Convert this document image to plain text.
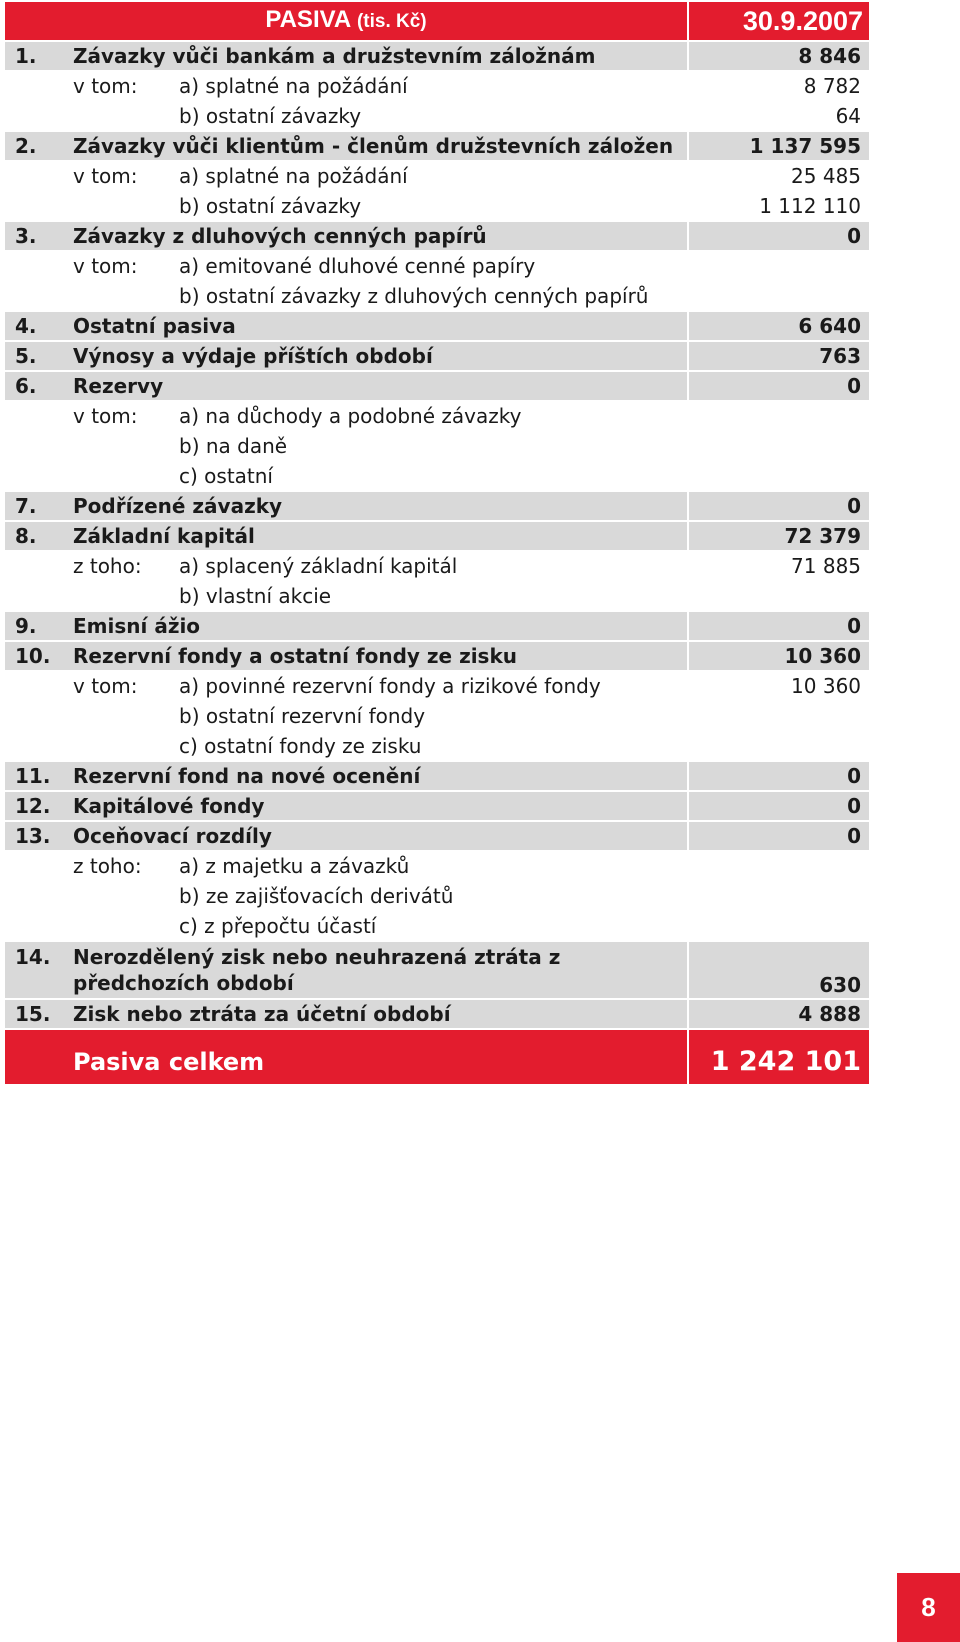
PASIVA (tis. Kč)				30.9.2007
1.	Závazky vůči bankám a družstevním záložnám			8 846
v tom:		a) splatné na požádání		8 782
		b) ostatní závazky		64
2.	Závazky vůči klientům - členům družstevních záložen			1 137 595
v tom:		a) splatné na požádání		25 485
		b) ostatní závazky		1 112 110
3.	Závazky z dluhových cenných papírů			0
v tom:		a) emitované dluhové cenné papíry		
		b) ostatní závazky z dluhových cenných papírů		
4.	Ostatní pasiva			6 640
5.	Výnosy a výdaje příštích období			763
6.	Rezervy			0
v tom:		a) na důchody a podobné závazky		
		b) na daně		
		c) ostatní		
7.	Podřízené závazky			0
8.	Základní kapitál			72 379
z toho:		a) splacený základní kapitál		71 885
		b) vlastní akcie		
9.	Emisní ážio			0
10.	Rezervní fondy a ostatní fondy ze zisku			10 360
v tom:		a) povinné rezervní fondy a rizikové fondy		10 360
		b) ostatní rezervní fondy		
		c) ostatní fondy ze zisku		
11.	Rezervní fond na nové ocenění			0
12.	Kapitálové fondy			0
13.	Oceňovací rozdíly			0
z toho:		a) z majetku a závazků		
		b) ze zajišťovacích derivátů		
		c) z přepočtu účastí		
14.	Nerozdělený zisk nebo neuhrazená ztráta z předchozích období			630
15.	Zisk nebo ztráta za účetní období			4 888
	Pasiva celkem			1 242 101
8
